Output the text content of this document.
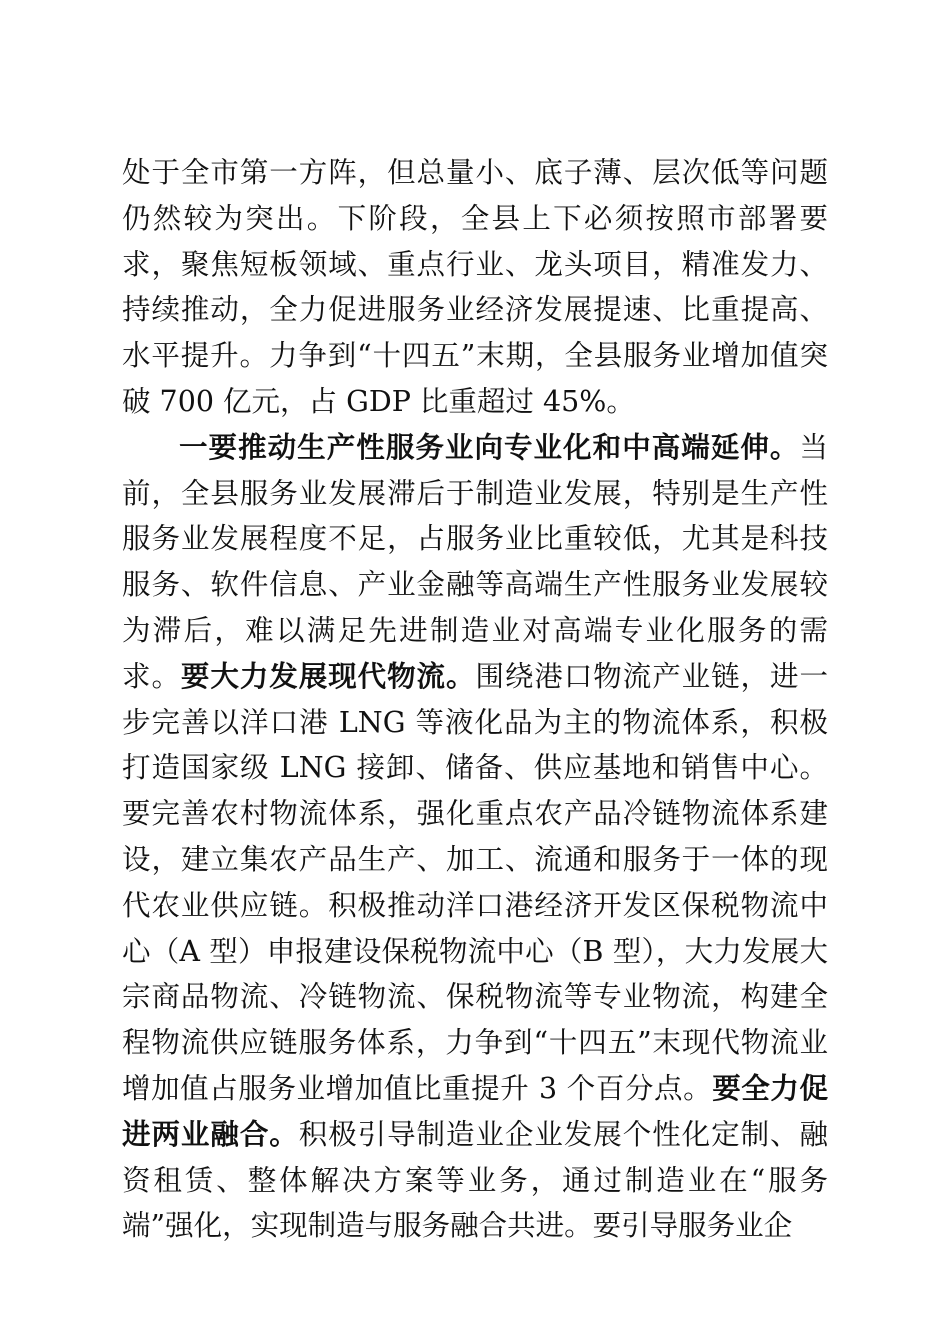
处于全市第一方阵，但总量小、底子薄、层次低等问题仍然较为突出。下阶段，全县上下必须按照市部署要求，聚焦短板领域、重点行业、龙头项目，精准发力、持续推动，全力促进服务业经济发展提速、比重提高、水平提升。力争到“十四五”末期，全县服务业增加值突破 700 亿元，占 GDP 比重超过 45%。

一要推动生产性服务业向专业化和中高端延伸。当前，全县服务业发展滞后于制造业发展，特别是生产性服务业发展程度不足，占服务业比重较低，尤其是科技服务、软件信息、产业金融等高端生产性服务业发展较为滞后，难以满足先进制造业对高端专业化服务的需求。要大力发展现代物流。围绕港口物流产业链，进一步完善以洋口港 LNG 等液化品为主的物流体系，积极打造国家级 LNG 接卸、储备、供应基地和销售中心。要完善农村物流体系，强化重点农产品冷链物流体系建设，建立集农产品生产、加工、流通和服务于一体的现代农业供应链。积极推动洋口港经济开发区保税物流中心（A 型）申报建设保税物流中心（B 型），大力发展大宗商品物流、冷链物流、保税物流等专业物流，构建全程物流供应链服务体系，力争到“十四五”末现代物流业增加值占服务业增加值比重提升 3 个百分点。要全力促进两业融合。积极引导制造业企业发展个性化定制、融资租赁、整体解决方案等业务，通过制造业在“服务端”强化，实现制造与服务融合共进。要引导服务业企
